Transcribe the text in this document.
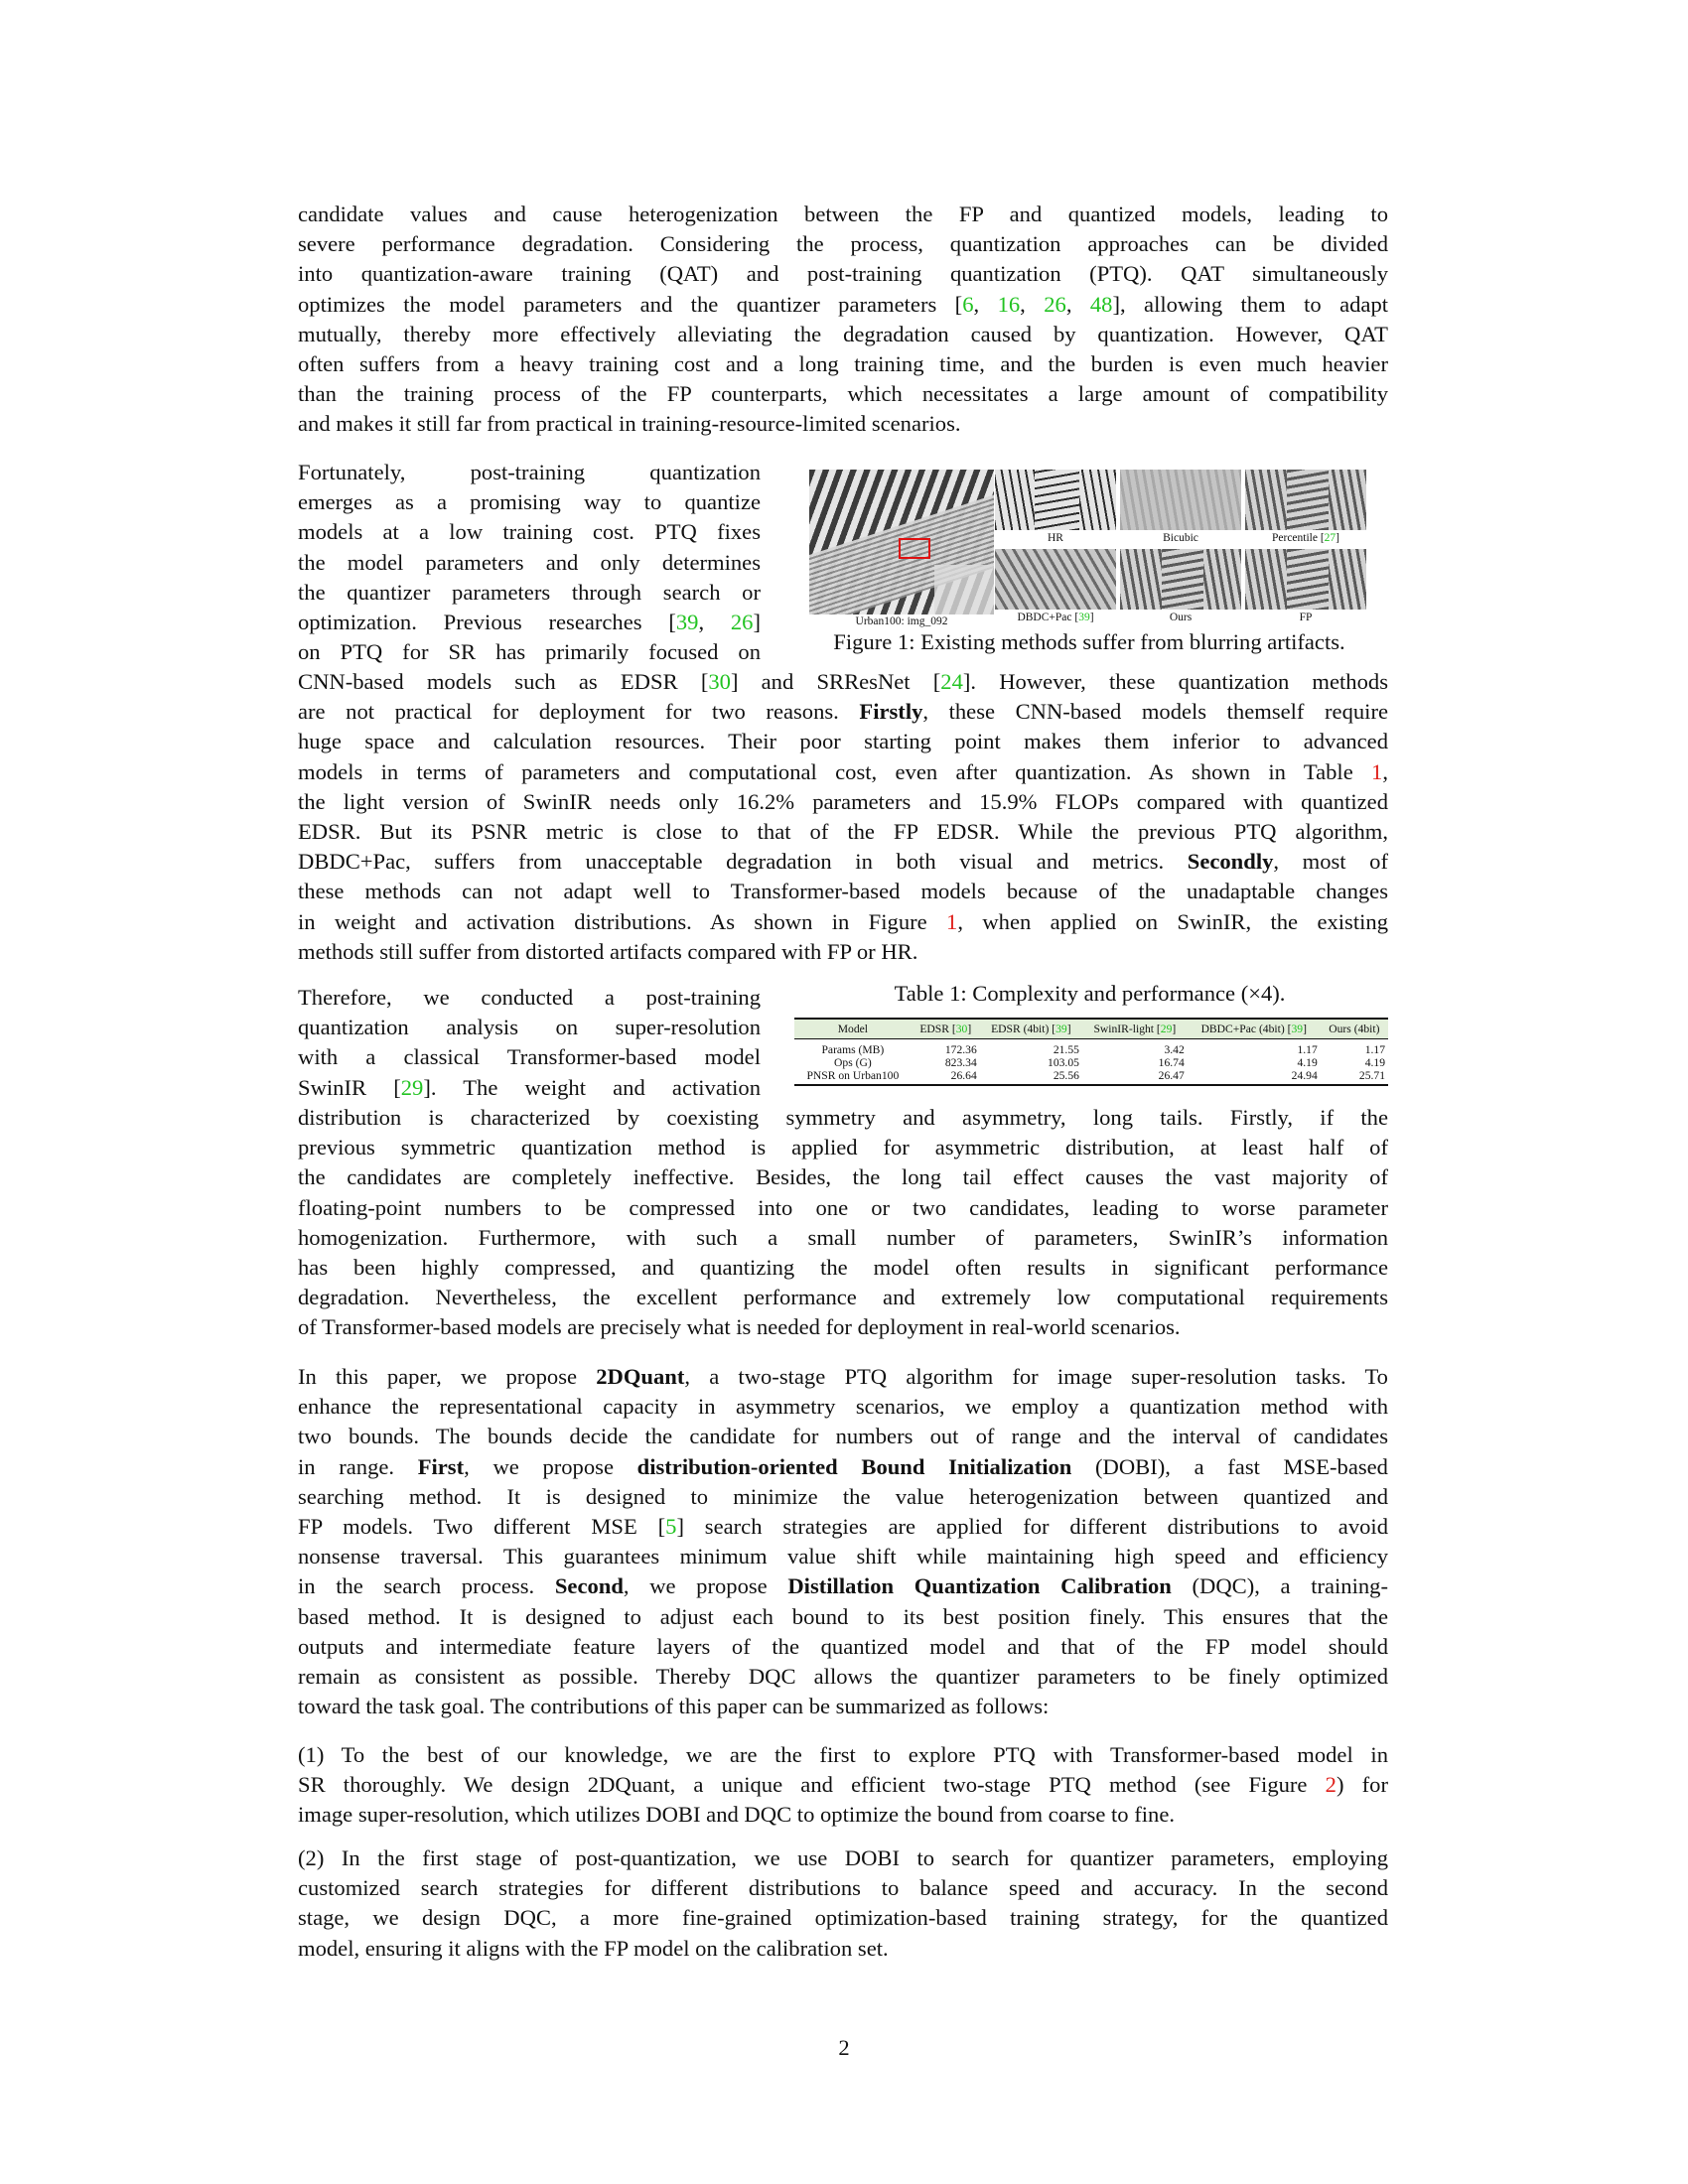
candidate values and cause heterogenization between the FP and quantized models, leading to
severe performance degradation. Considering the process, quantization approaches can be divided
into quantization-aware training (QAT) and post-training quantization (PTQ). QAT simultaneously
optimizes the model parameters and the quantizer parameters [6, 16, 26, 48], allowing them to adapt
mutually, thereby more effectively alleviating the degradation caused by quantization. However, QAT
often suffers from a heavy training cost and a long training time, and the burden is even much heavier
than the training process of the FP counterparts, which necessitates a large amount of compatibility
and makes it still far from practical in training-resource-limited scenarios.
Fortunately, post-training quantization
emerges as a promising way to quantize
models at a low training cost. PTQ fixes
the model parameters and only determines
the quantizer parameters through search or
optimization. Previous researches [39, 26]
on PTQ for SR has primarily focused on
HR	Bicubic	Percentile [27]
DBDC+Pac [39]	Ours	FP
Urban100: img_092
Figure 1: Existing methods suffer from blurring artifacts.
CNN-based models such as EDSR [30] and SRResNet [24]. However, these quantization methods
are not practical for deployment for two reasons. Firstly, these CNN-based models themself require
huge space and calculation resources. Their poor starting point makes them inferior to advanced
models in terms of parameters and computational cost, even after quantization. As shown in Table 1,
the light version of SwinIR needs only 16.2% parameters and 15.9% FLOPs compared with quantized
EDSR. But its PSNR metric is close to that of the FP EDSR. While the previous PTQ algorithm,
DBDC+Pac, suffers from unacceptable degradation in both visual and metrics. Secondly, most of
these methods can not adapt well to Transformer-based models because of the unadaptable changes
in weight and activation distributions. As shown in Figure 1, when applied on SwinIR, the existing
methods still suffer from distorted artifacts compared with FP or HR.
Therefore, we conducted a post-training
quantization analysis on super-resolution
with a classical Transformer-based model
SwinIR [29]. The weight and activation
Table 1: Complexity and performance (×4).
Model	EDSR [30]	EDSR (4bit) [39]	SwinIR-light [29]	DBDC+Pac (4bit) [39]	Ours (4bit)
Params (MB)	172.36	21.55	3.42	1.17	1.17
Ops (G)	823.34	103.05	16.74	4.19	4.19
PNSR on Urban100	26.64	25.56	26.47	24.94	25.71
distribution is characterized by coexisting symmetry and asymmetry, long tails. Firstly, if the
previous symmetric quantization method is applied for asymmetric distribution, at least half of
the candidates are completely ineffective. Besides, the long tail effect causes the vast majority of
floating-point numbers to be compressed into one or two candidates, leading to worse parameter
homogenization. Furthermore, with such a small number of parameters, SwinIR’s information
has been highly compressed, and quantizing the model often results in significant performance
degradation. Nevertheless, the excellent performance and extremely low computational requirements
of Transformer-based models are precisely what is needed for deployment in real-world scenarios.
In this paper, we propose 2DQuant, a two-stage PTQ algorithm for image super-resolution tasks. To
enhance the representational capacity in asymmetry scenarios, we employ a quantization method with
two bounds. The bounds decide the candidate for numbers out of range and the interval of candidates
in range. First, we propose distribution-oriented Bound Initialization (DOBI), a fast MSE-based
searching method. It is designed to minimize the value heterogenization between quantized and
FP models. Two different MSE [5] search strategies are applied for different distributions to avoid
nonsense traversal. This guarantees minimum value shift while maintaining high speed and efficiency
in the search process. Second, we propose Distillation Quantization Calibration (DQC), a training-
based method. It is designed to adjust each bound to its best position finely. This ensures that the
outputs and intermediate feature layers of the quantized model and that of the FP model should
remain as consistent as possible. Thereby DQC allows the quantizer parameters to be finely optimized
toward the task goal. The contributions of this paper can be summarized as follows:
(1) To the best of our knowledge, we are the first to explore PTQ with Transformer-based model in
SR thoroughly. We design 2DQuant, a unique and efficient two-stage PTQ method (see Figure 2) for
image super-resolution, which utilizes DOBI and DQC to optimize the bound from coarse to fine.
(2) In the first stage of post-quantization, we use DOBI to search for quantizer parameters, employing
customized search strategies for different distributions to balance speed and accuracy. In the second
stage, we design DQC, a more fine-grained optimization-based training strategy, for the quantized
model, ensuring it aligns with the FP model on the calibration set.
2
